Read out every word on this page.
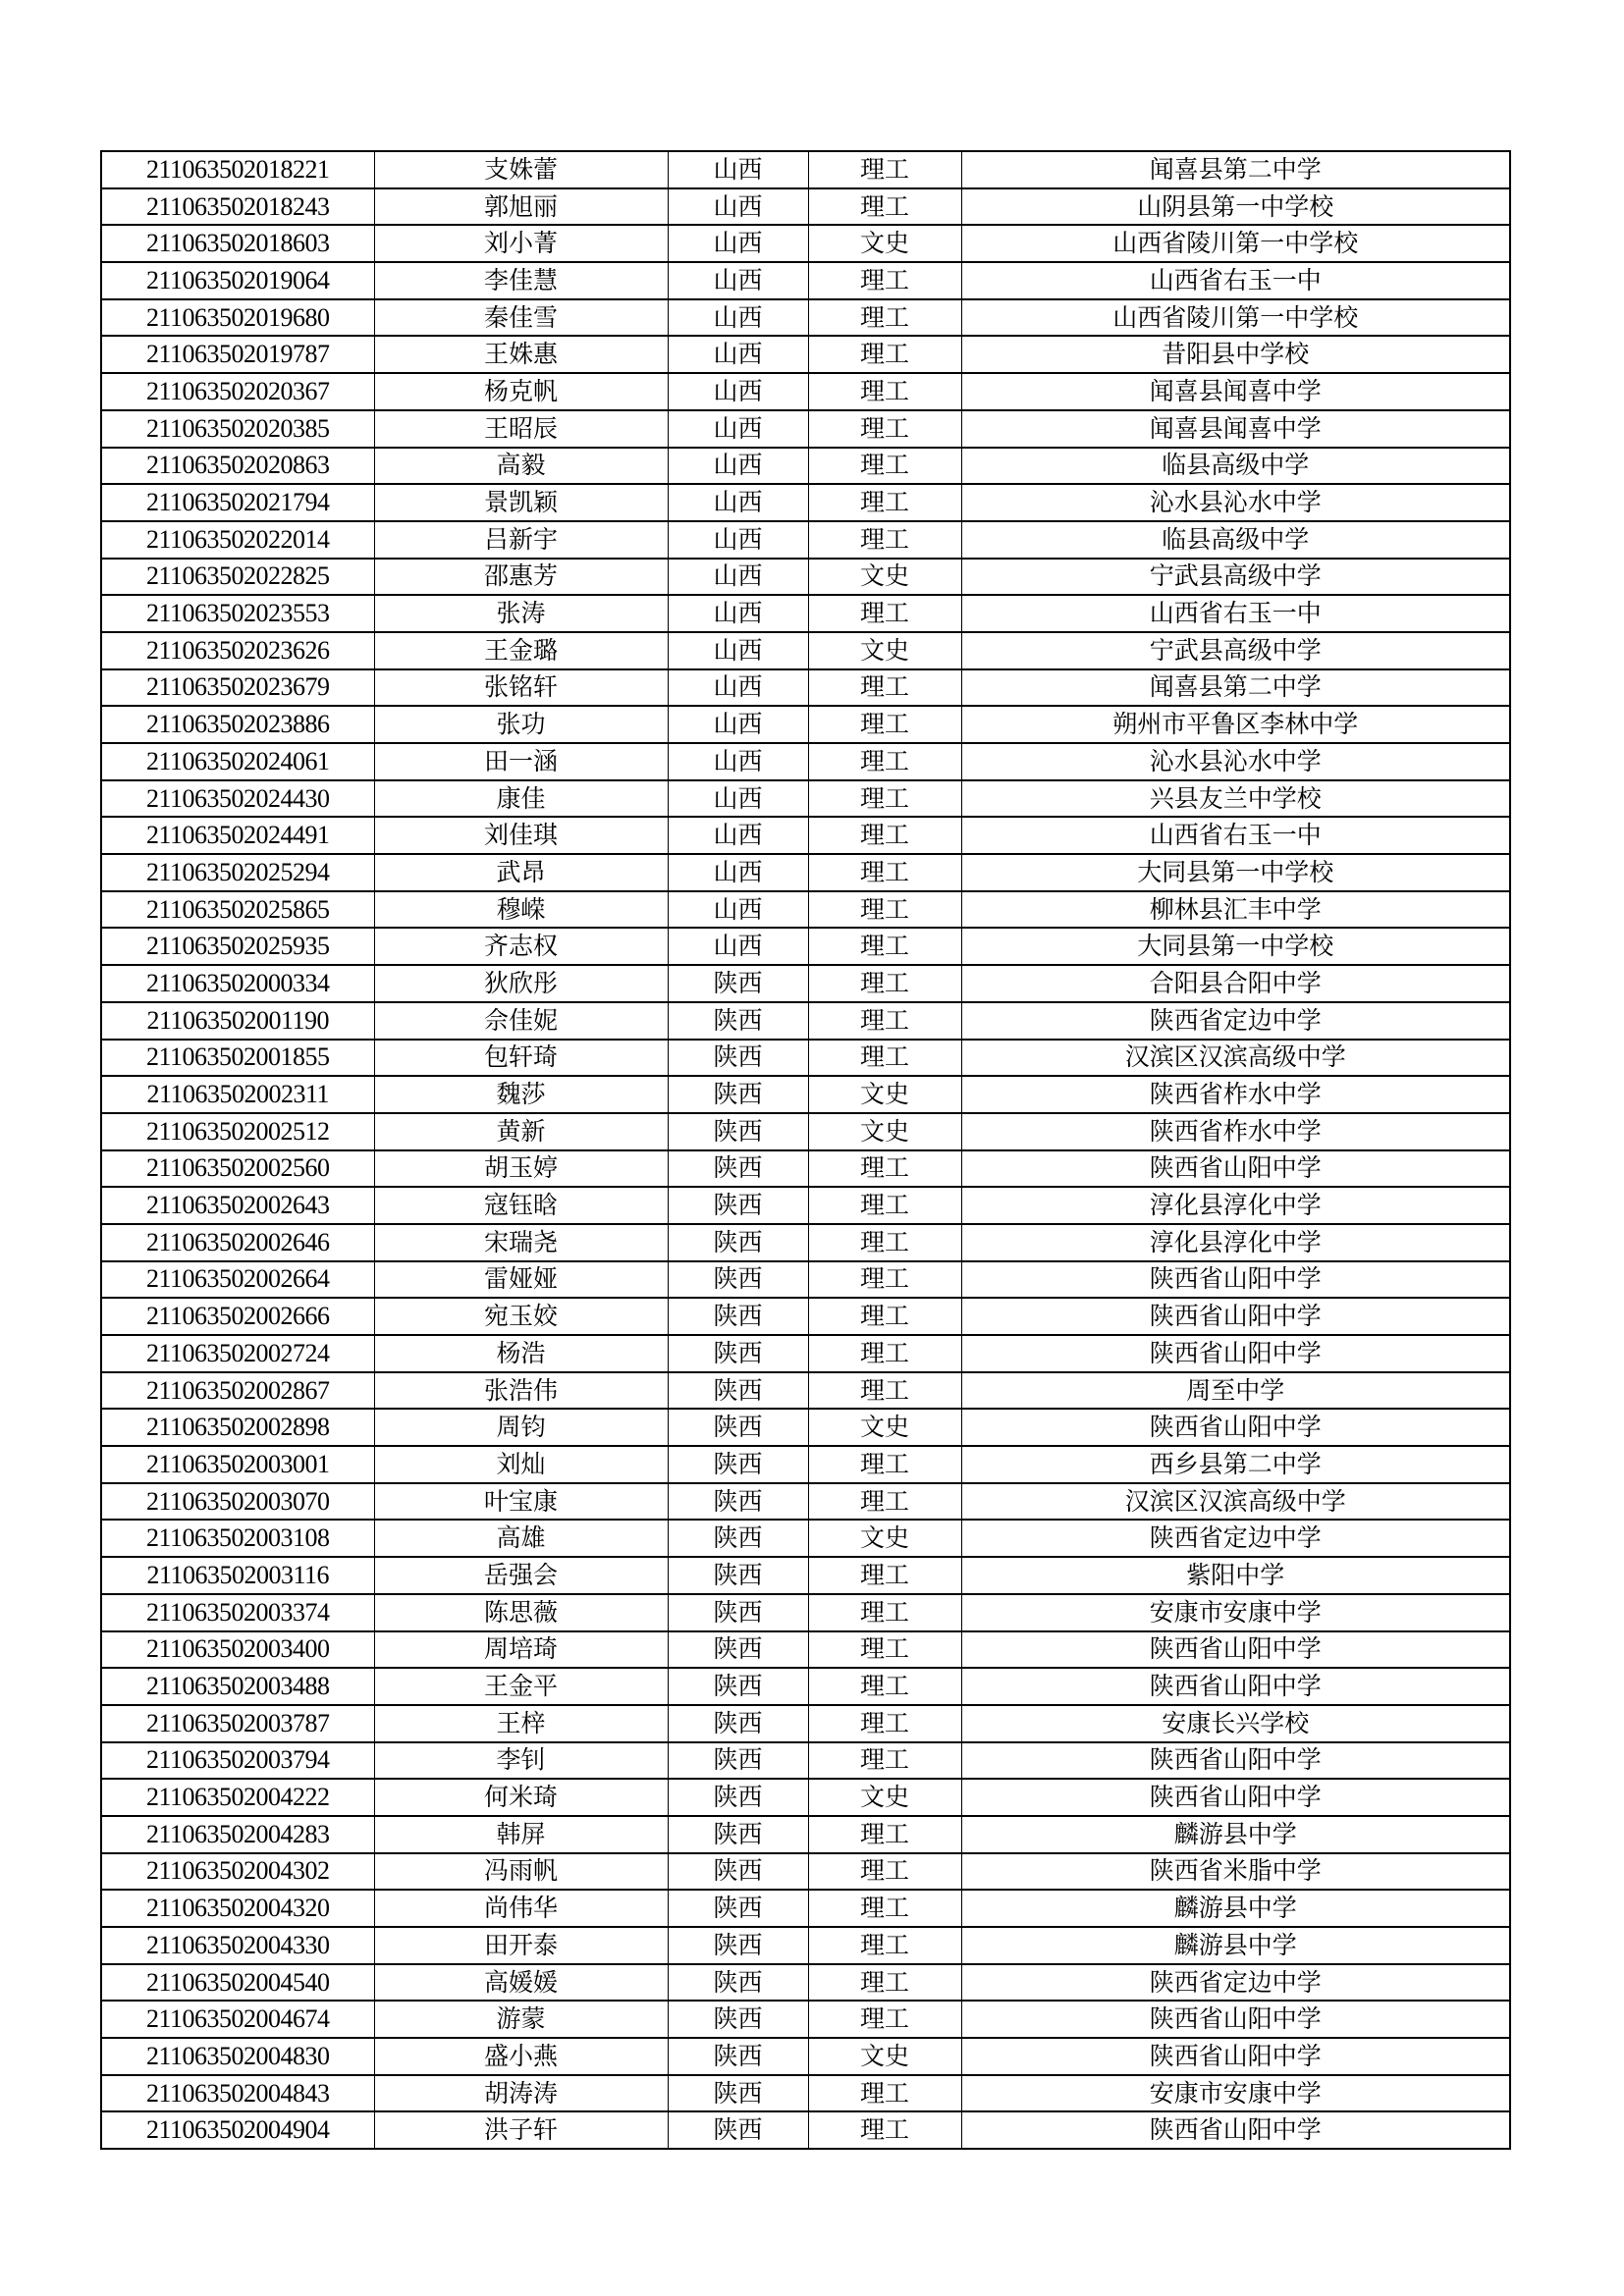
211063502018221	支姝蕾	山西	理工	闻喜县第二中学
211063502018243	郭旭丽	山西	理工	山阴县第一中学校
211063502018603	刘小菁	山西	文史	山西省陵川第一中学校
211063502019064	李佳慧	山西	理工	山西省右玉一中
211063502019680	秦佳雪	山西	理工	山西省陵川第一中学校
211063502019787	王姝惠	山西	理工	昔阳县中学校
211063502020367	杨克帆	山西	理工	闻喜县闻喜中学
211063502020385	王昭辰	山西	理工	闻喜县闻喜中学
211063502020863	高毅	山西	理工	临县高级中学
211063502021794	景凯颖	山西	理工	沁水县沁水中学
211063502022014	吕新宇	山西	理工	临县高级中学
211063502022825	邵惠芳	山西	文史	宁武县高级中学
211063502023553	张涛	山西	理工	山西省右玉一中
211063502023626	王金璐	山西	文史	宁武县高级中学
211063502023679	张铭轩	山西	理工	闻喜县第二中学
211063502023886	张功	山西	理工	朔州市平鲁区李林中学
211063502024061	田一涵	山西	理工	沁水县沁水中学
211063502024430	康佳	山西	理工	兴县友兰中学校
211063502024491	刘佳琪	山西	理工	山西省右玉一中
211063502025294	武昂	山西	理工	大同县第一中学校
211063502025865	穆嵘	山西	理工	柳林县汇丰中学
211063502025935	齐志权	山西	理工	大同县第一中学校
211063502000334	狄欣彤	陕西	理工	合阳县合阳中学
211063502001190	佘佳妮	陕西	理工	陕西省定边中学
211063502001855	包轩琦	陕西	理工	汉滨区汉滨高级中学
211063502002311	魏莎	陕西	文史	陕西省柞水中学
211063502002512	黄新	陕西	文史	陕西省柞水中学
211063502002560	胡玉婷	陕西	理工	陕西省山阳中学
211063502002643	寇钰晗	陕西	理工	淳化县淳化中学
211063502002646	宋瑞尧	陕西	理工	淳化县淳化中学
211063502002664	雷娅娅	陕西	理工	陕西省山阳中学
211063502002666	宛玉姣	陕西	理工	陕西省山阳中学
211063502002724	杨浩	陕西	理工	陕西省山阳中学
211063502002867	张浩伟	陕西	理工	周至中学
211063502002898	周钧	陕西	文史	陕西省山阳中学
211063502003001	刘灿	陕西	理工	西乡县第二中学
211063502003070	叶宝康	陕西	理工	汉滨区汉滨高级中学
211063502003108	高雄	陕西	文史	陕西省定边中学
211063502003116	岳强会	陕西	理工	紫阳中学
211063502003374	陈思薇	陕西	理工	安康市安康中学
211063502003400	周培琦	陕西	理工	陕西省山阳中学
211063502003488	王金平	陕西	理工	陕西省山阳中学
211063502003787	王梓	陕西	理工	安康长兴学校
211063502003794	李钊	陕西	理工	陕西省山阳中学
211063502004222	何米琦	陕西	文史	陕西省山阳中学
211063502004283	韩屏	陕西	理工	麟游县中学
211063502004302	冯雨帆	陕西	理工	陕西省米脂中学
211063502004320	尚伟华	陕西	理工	麟游县中学
211063502004330	田开泰	陕西	理工	麟游县中学
211063502004540	高媛媛	陕西	理工	陕西省定边中学
211063502004674	游蒙	陕西	理工	陕西省山阳中学
211063502004830	盛小燕	陕西	文史	陕西省山阳中学
211063502004843	胡涛涛	陕西	理工	安康市安康中学
211063502004904	洪子轩	陕西	理工	陕西省山阳中学
